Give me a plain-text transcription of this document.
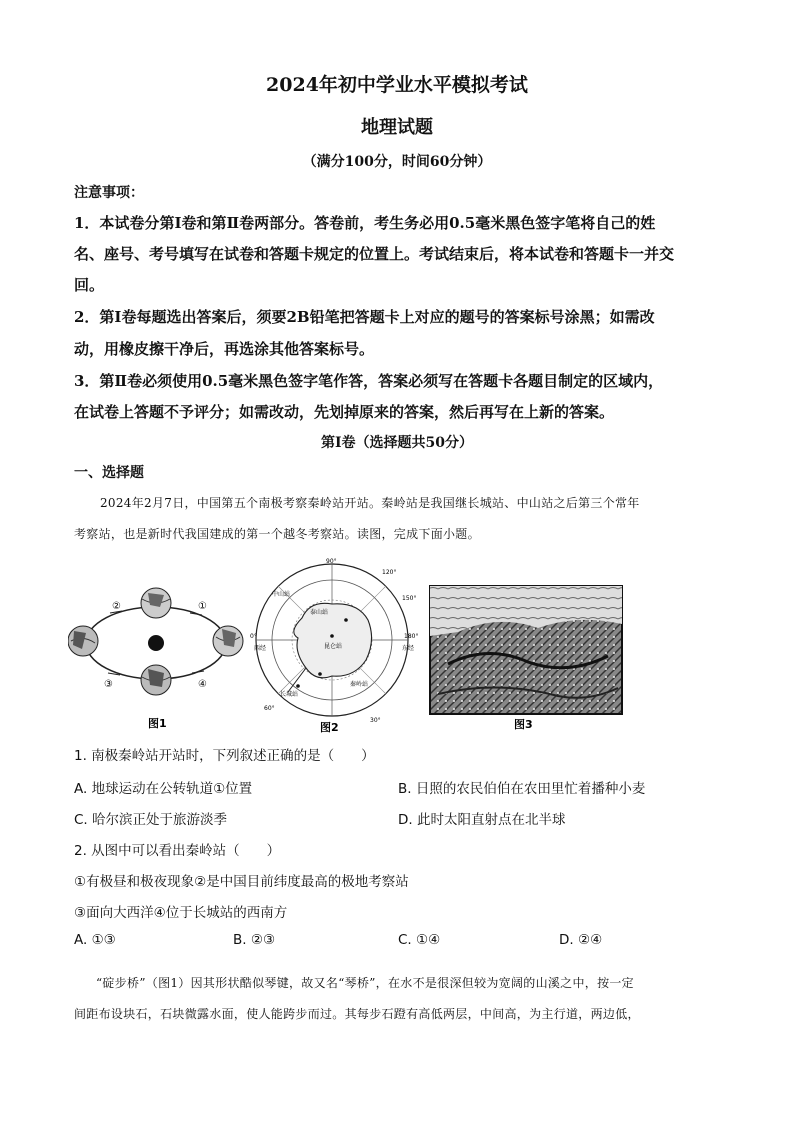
2024年初中学业水平模拟考试
地理试题
（满分100分，时间60分钟）
注意事项：
1．本试卷分第Ⅰ卷和第Ⅱ卷两部分。答卷前，考生务必用0.5毫米黑色签字笔将自己的姓
名、座号、考号填写在试卷和答题卡规定的位置上。考试结束后，将本试卷和答题卡一并交
回。
2．第Ⅰ卷每题选出答案后，须要2B铅笔把答题卡上对应的题号的答案标号涂黑；如需改
动，用橡皮擦干净后，再选涂其他答案标号。
3．第Ⅱ卷必须使用0.5毫米黑色签字笔作答，答案必须写在答题卡各题目制定的区域内，
在试卷上答题不予评分；如需改动，先划掉原来的答案，然后再写在上新的答案。
第Ⅰ卷（选择题共50分）
一、选择题
2024年2月7日，中国第五个南极考察秦岭站开站。秦岭站是我国继长城站、中山站之后第三个常年
考察站，也是新时代我国建成的第一个越冬考察站。读图，完成下面小题。
②	①
③	④
图1
90°
120°
150°
180°
0°
60°
30°
东经
西经
中山站
泰山站
昆仑站
秦岭站
长城站
图2	图3
1. 南极秦岭站开站时，下列叙述正确的是（　　）
A. 地球运动在公转轨道①位置	B. 日照的农民伯伯在农田里忙着播种小麦
C. 哈尔滨正处于旅游淡季	D. 此时太阳直射点在北半球
2. 从图中可以看出秦岭站（　　）
①有极昼和极夜现象②是中国目前纬度最高的极地考察站
③面向大西洋④位于长城站的西南方
A. ①③	B. ②③	C. ①④	D. ②④
“碇步桥”（图1）因其形状酷似琴键，故又名“琴桥”，在水不是很深但较为宽阔的山溪之中，按一定
间距布设块石，石块微露水面，使人能跨步而过。其每步石蹬有高低两层，中间高，为主行道，两边低，
